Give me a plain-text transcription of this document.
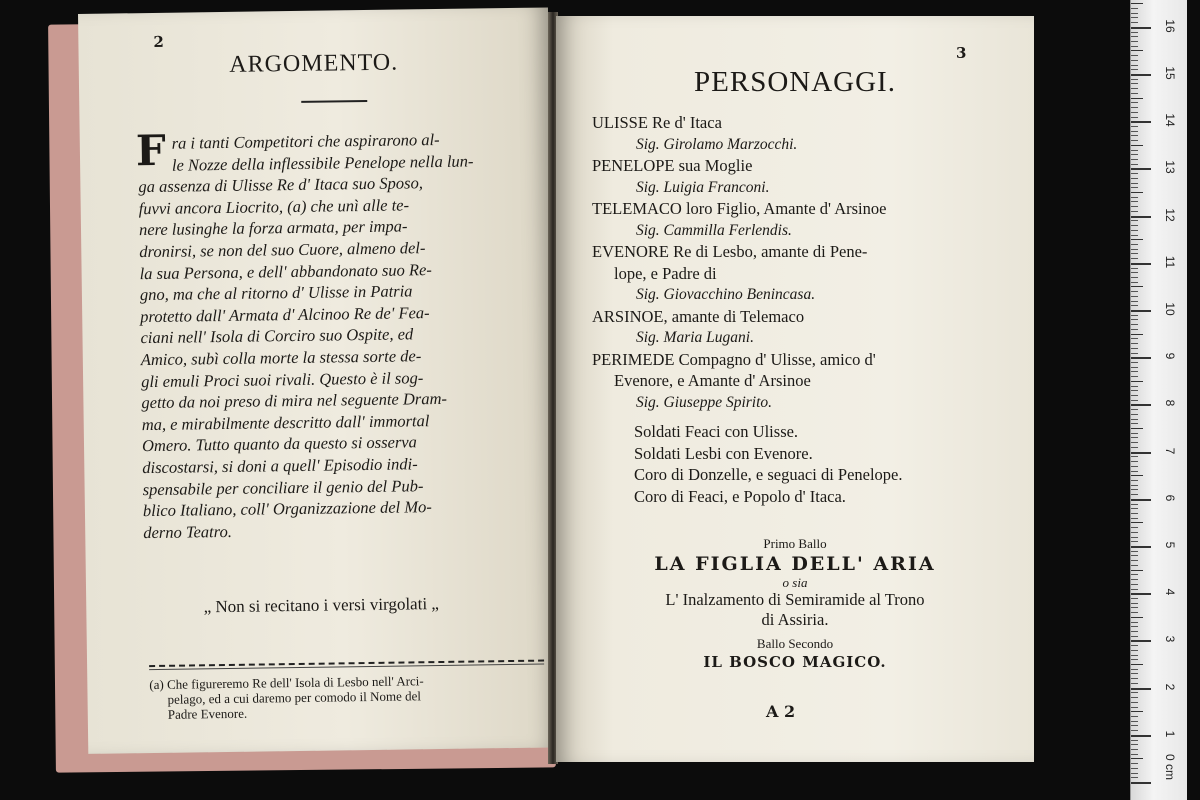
2
ARGOMENTO.
F ra i tanti Competitori che aspirarono al-
le Nozze della inflessibile Penelope nella lun-
ga assenza di Ulisse Re d' Itaca suo Sposo,
fuvvi ancora Liocrito, (a) che unì alle te-
nere lusinghe la forza armata, per impa-
dronirsi, se non del suo Cuore, almeno del-
la sua Persona, e dell' abbandonato suo Re-
gno, ma che al ritorno d' Ulisse in Patria
protetto dall' Armata d' Alcinoo Re de' Fea-
ciani nell' Isola di Corciro suo Ospite, ed
Amico, subì colla morte la stessa sorte de-
gli emuli Proci suoi rivali. Questo è il sog-
getto da noi preso di mira nel seguente Dram-
ma, e mirabilmente descritto dall' immortal
Omero. Tutto quanto da questo si osserva
discostarsi, si doni a quell' Episodio indi-
spensabile per conciliare il genio del Pub-
blico Italiano, coll' Organizzazione del Mo-
derno Teatro.
„ Non si recitano i versi virgolati „
(a) Che figureremo Re dell' Isola di Lesbo nell' Arci-
pelago, ed a cui daremo per comodo il Nome del
Padre Evenore.
3
PERSONAGGI.
ULISSE Re d' Itaca
Sig. Girolamo Marzocchi.
PENELOPE sua Moglie
Sig. Luigia Franconi.
TELEMACO loro Figlio, Amante d' Arsinoe
Sig. Cammilla Ferlendis.
EVENORE Re di Lesbo, amante di Pene-
lope, e Padre di
Sig. Giovacchino Benincasa.
ARSINOE, amante di Telemaco
Sig. Maria Lugani.
PERIMEDE Compagno d' Ulisse, amico d'
Evenore, e Amante d' Arsinoe
Sig. Giuseppe Spirito.
Soldati Feaci con Ulisse.
Soldati Lesbi con Evenore.
Coro di Donzelle, e seguaci di Penelope.
Coro di Feaci, e Popolo d' Itaca.
Primo Ballo
LA FIGLIA DELL' ARIA
o sia
L' Inalzamento di Semiramide al Trono
di Assiria.
Ballo Secondo
IL BOSCO MAGICO.
A 2
0 cm
1
2
3
4
5
6
7
8
9
10
11
12
13
14
15
16
